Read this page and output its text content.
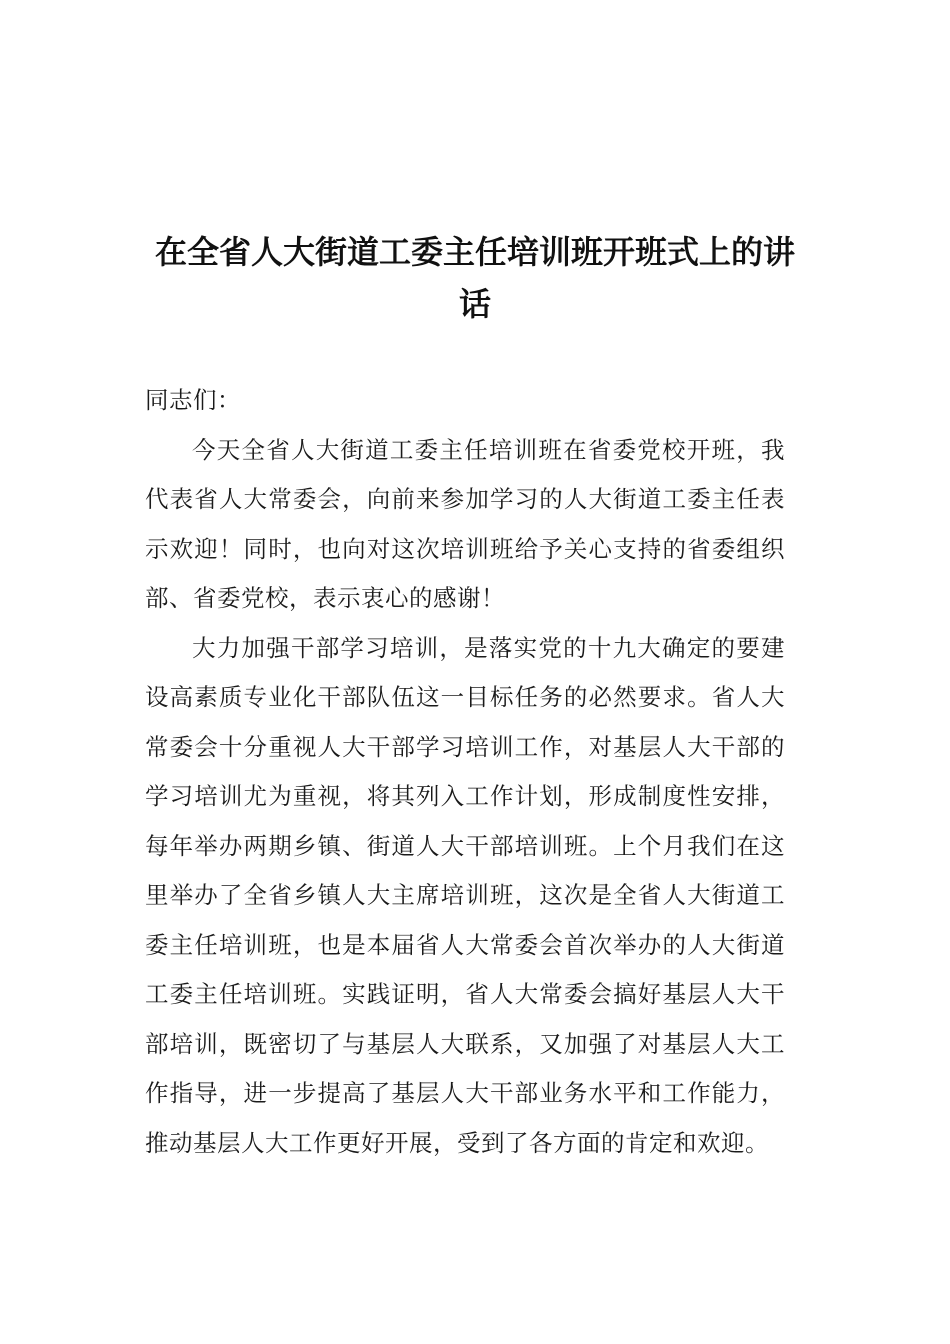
在全省人大街道工委主任培训班开班式上的讲话

同志们：

今天全省人大街道工委主任培训班在省委党校开班，我代表省人大常委会，向前来参加学习的人大街道工委主任表示欢迎！同时，也向对这次培训班给予关心支持的省委组织部、省委党校，表示衷心的感谢！

大力加强干部学习培训，是落实党的十九大确定的要建设高素质专业化干部队伍这一目标任务的必然要求。省人大常委会十分重视人大干部学习培训工作，对基层人大干部的学习培训尤为重视，将其列入工作计划，形成制度性安排，每年举办两期乡镇、街道人大干部培训班。上个月我们在这里举办了全省乡镇人大主席培训班，这次是全省人大街道工委主任培训班，也是本届省人大常委会首次举办的人大街道工委主任培训班。实践证明，省人大常委会搞好基层人大干部培训，既密切了与基层人大联系，又加强了对基层人大工作指导，进一步提高了基层人大干部业务水平和工作能力，推动基层人大工作更好开展，受到了各方面的肯定和欢迎。
